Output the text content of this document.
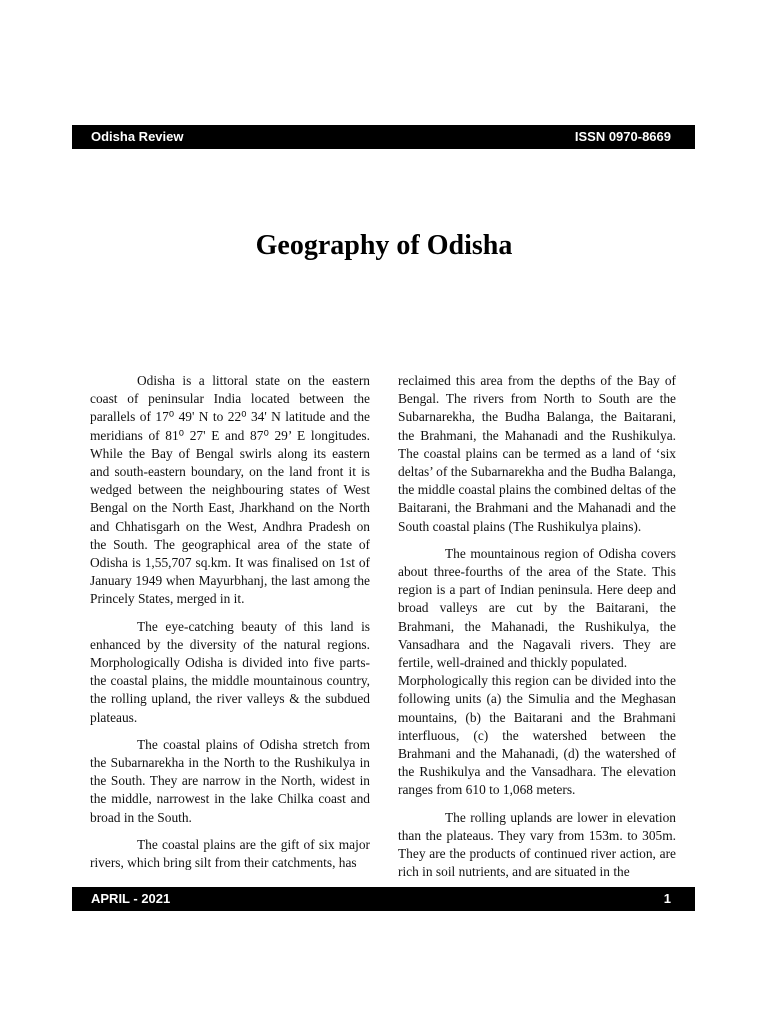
Odisha Review	ISSN 0970-8669
Geography of Odisha

Odisha is a littoral state on the eastern coast of peninsular India located between the parallels of 17⁰ 49' N to 22⁰ 34' N latitude and the meridians of 81⁰ 27' E and 87⁰ 29’ E longitudes. While the Bay of Bengal swirls along its eastern and south-eastern boundary, on the land front it is wedged between the neighbouring states of West Bengal on the North East, Jharkhand on the North and Chhatisgarh on the West, Andhra Pradesh on the South. The geographical area of the state of Odisha is 1,55,707 sq.km. It was finalised on 1st of January 1949 when Mayurbhanj, the last among the Princely States, merged in it.

The eye-catching beauty of this land is enhanced by the diversity of the natural regions. Morphologically Odisha is divided into five parts- the coastal plains, the middle mountainous country, the rolling upland, the river valleys & the subdued plateaus.

The coastal plains of Odisha stretch from the Subarnarekha in the North to the Rushikulya in the South. They are narrow in the North, widest in the middle, narrowest in the lake Chilka coast and broad in the South.

The coastal plains are the gift of six major rivers, which bring silt from their catchments, has

reclaimed this area from the depths of the Bay of Bengal. The rivers from North to South are the Subarnarekha, the Budha Balanga, the Baitarani, the Brahmani, the Mahanadi and the Rushikulya. The coastal plains can be termed as a land of ‘six deltas’ of the Subarnarekha and the Budha Balanga, the middle coastal plains the combined deltas of the Baitarani, the Brahmani and the Mahanadi and the South coastal plains (The Rushikulya plains).

The mountainous region of Odisha covers about three-fourths of the area of the State. This region is a part of Indian peninsula. Here deep and broad valleys are cut by the Baitarani, the Brahmani, the Mahanadi, the Rushikulya, the Vansadhara and the Nagavali rivers. They are fertile, well-drained and thickly populated.

Morphologically this region can be divided into the following units (a) the Simulia and the Meghasan mountains, (b) the Baitarani and the Brahmani interfluous, (c) the watershed between the Brahmani and the Mahanadi, (d) the watershed of the Rushikulya and the Vansadhara. The elevation ranges from 610 to 1,068 meters.

The rolling uplands are lower in elevation than the plateaus. They vary from 153m. to 305m. They are the products of continued river action, are rich in soil nutrients, and are situated in the

APRIL - 2021	1
